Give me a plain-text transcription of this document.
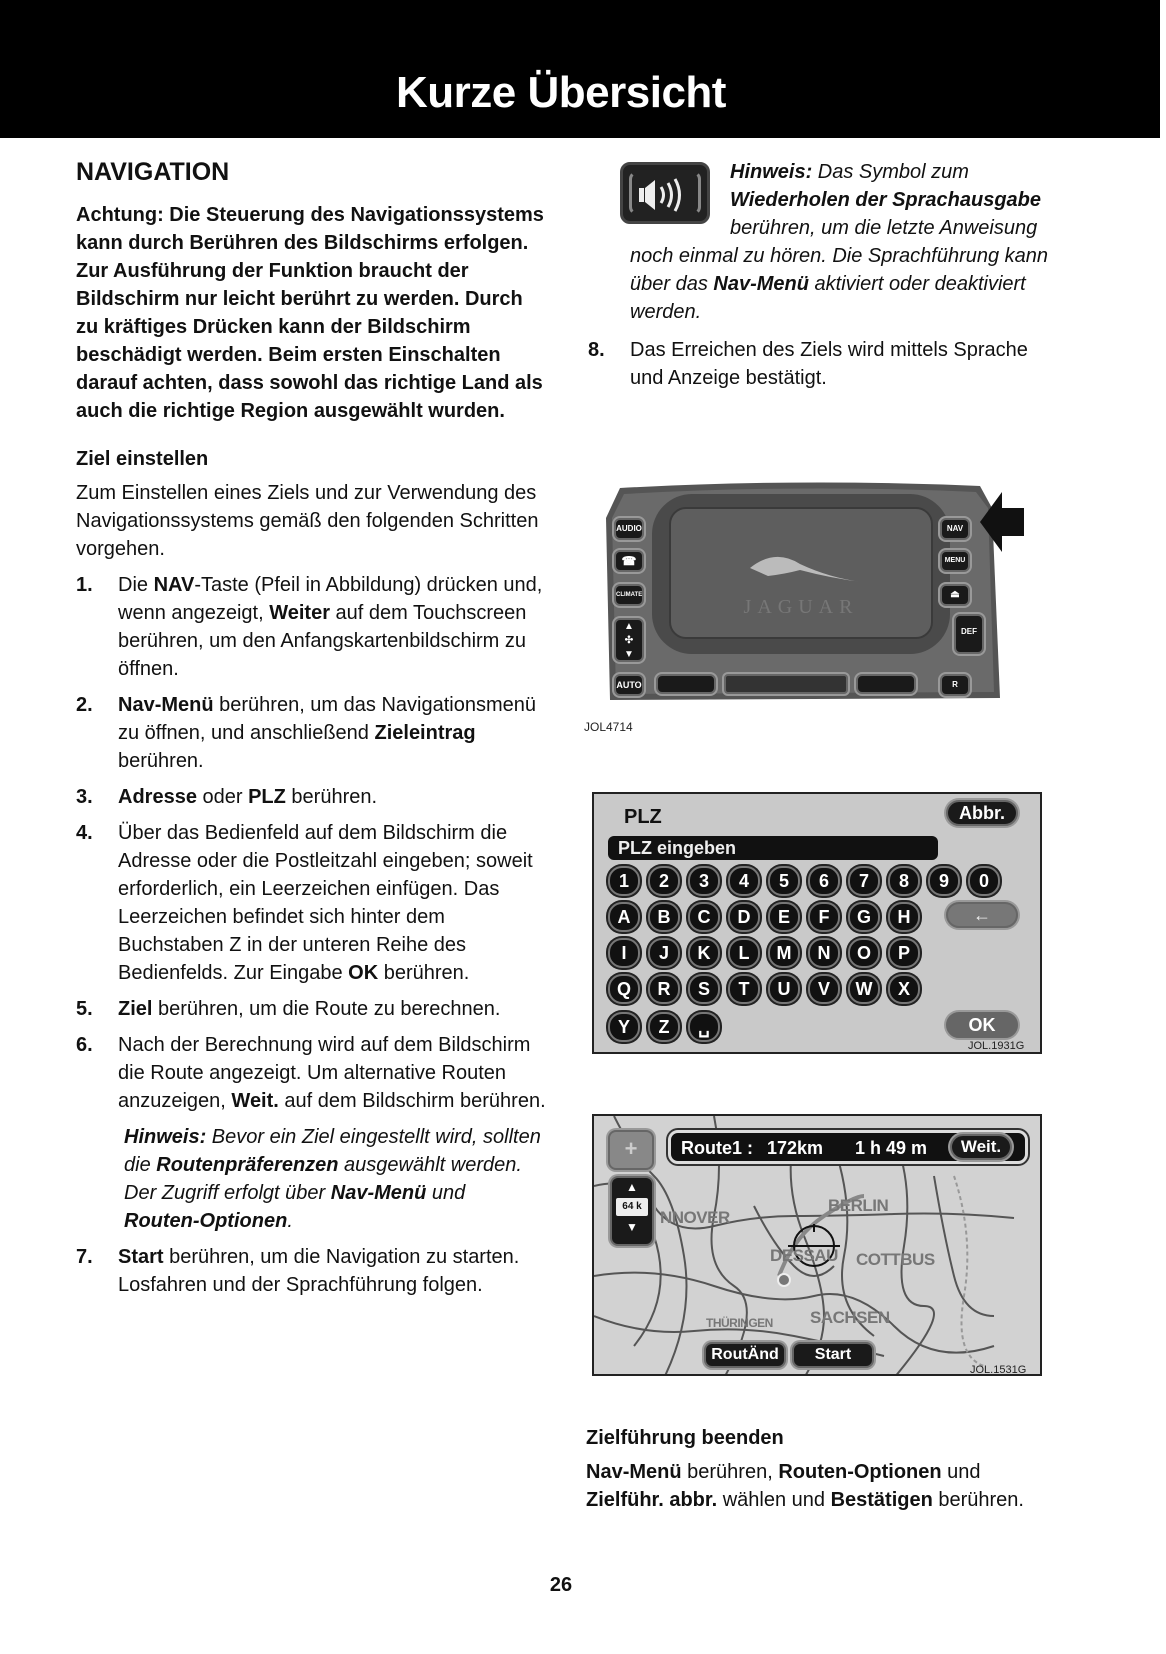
Kurze Übersicht
NAVIGATION
Achtung: Die Steuerung des Navigationssystems kann durch Berühren des Bildschirms erfolgen. Zur Ausführung der Funktion braucht der Bildschirm nur leicht berührt zu werden. Durch zu kräftiges Drücken kann der Bildschirm beschädigt werden. Beim ersten Einschalten darauf achten, dass sowohl das richtige Land als auch die richtige Region ausgewählt wurden.
Ziel einstellen

Zum Einstellen eines Ziels und zur Verwendung des Navigationssystems gemäß den folgenden Schritten vorgehen.

1.	Die NAV-Taste (Pfeil in Abbildung) drücken und, wenn angezeigt, Weiter auf dem Touchscreen berühren, um den Anfangskartenbildschirm zu öffnen.
2.	Nav-Menü berühren, um das Navigationsmenü zu öffnen, und anschließend Zieleintrag berühren.
3.	Adresse oder PLZ berühren.
4.	Über das Bedienfeld auf dem Bildschirm die Adresse oder die Postleitzahl eingeben; soweit erforderlich, ein Leerzeichen einfügen. Das Leerzeichen befindet sich hinter dem Buchstaben Z in der unteren Reihe des Bedienfelds. Zur Eingabe OK berühren.
5.	Ziel berühren, um die Route zu berechnen.
6.	Nach der Berechnung wird auf dem Bildschirm die Route angezeigt. Um alternative Routen anzuzeigen, Weit. auf dem Bildschirm berühren.
Hinweis: Bevor ein Ziel eingestellt wird, sollten die Routenpräferenzen ausgewählt werden. Der Zugriff erfolgt über Nav-Menü und Routen-Optionen.
7.	Start berühren, um die Navigation zu starten. Losfahren und der Sprachführung folgen.
Hinweis: Das Symbol zum Wiederholen der Sprachausgabe berühren, um die letzte Anweisung noch einmal zu hören. Die Sprachführung kann über das Nav-Menü aktiviert oder deaktiviert werden.
8.	Das Erreichen des Ziels wird mittels Sprache und Anzeige bestätigt.
JAGUAR
AUDIO
☎
CLIMATE
▲
✣
▼
AUTO
NAV
MENU
⏏
DEF
R
JOL4714
PLZ	Abbr.
PLZ eingeben
←
OK
1	2	3	4	5	6	7	8	9	0
A	B	C	D	E	F	G	H
I	J	K	L	M	N	O	P
Q	R	S	T	U	V	W	X
Y	Z	␣
JOL.1931G
NNOVER
BERLIN
DESSAU COTTBUS
SACHSEN
THÜRINGEN
+
▲
64 k
▼
Route1 : 172km 1 h 49 m	Weit.
RoutÄnd	Start
JOL.1531G
Zielführung beenden

Nav-Menü berühren, Routen-Optionen und Zielführ. abbr. wählen und Bestätigen berühren.

26
